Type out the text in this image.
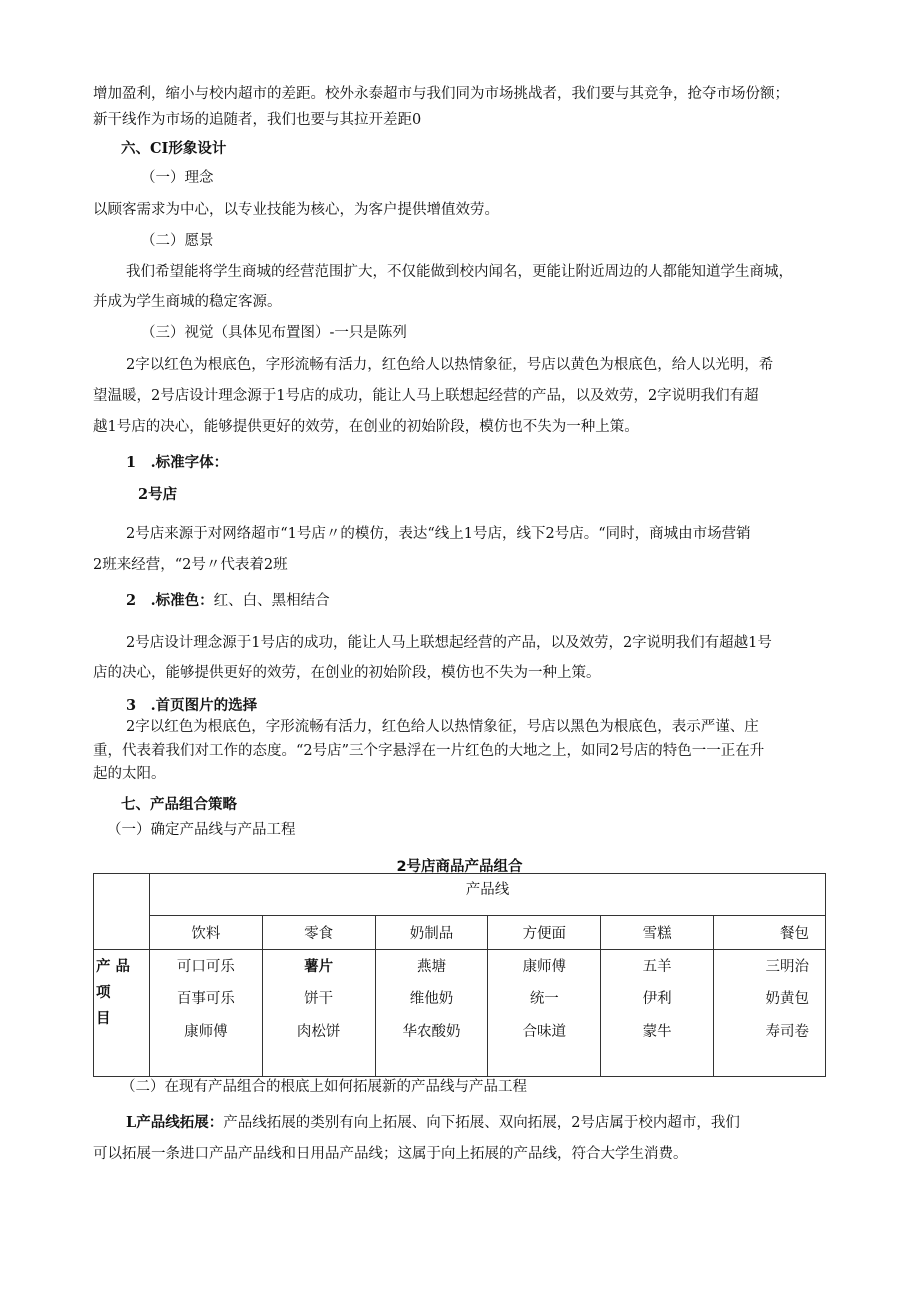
增加盈利，缩小与校内超市的差距。校外永泰超市与我们同为市场挑战者，我们要与其竞争，抢夺市场份额；
新干线作为市场的追随者，我们也要与其拉开差距0
六、CI形象设计
（一）理念
以顾客需求为中心，以专业技能为核心，为客户提供增值效劳。
（二）愿景
我们希望能将学生商城的经营范围扩大，不仅能做到校内闻名，更能让附近周边的人都能知道学生商城，
并成为学生商城的稳定客源。
（三）视觉（具体见布置图）-一只是陈列
2字以红色为根底色，字形流畅有活力，红色给人以热情象征，号店以黄色为根底色，给人以光明，希
望温暖，2号店设计理念源于1号店的成功，能让人马上联想起经营的产品，以及效劳，2字说明我们有超
越1号店的决心，能够提供更好的效劳，在创业的初始阶段，模仿也不失为一种上策。
1　.标准字体：
2号店
2号店来源于对网络超市“1号店〃的模仿，表达“线上1号店，线下2号店。“同时，商城由市场营销
2班来经营，“2号〃代表着2班
2　.标准色：红、白、黑相结合
2号店设计理念源于1号店的成功，能让人马上联想起经营的产品，以及效劳，2字说明我们有超越1号
店的决心，能够提供更好的效劳，在创业的初始阶段，模仿也不失为一种上策。
3　.首页图片的选择
2字以红色为根底色，字形流畅有活力，红色给人以热情象征，号店以黑色为根底色，表示严谨、庄
重，代表着我们对工作的态度。“2号店”三个字悬浮在一片红色的大地之上，如同2号店的特色一一正在升
起的太阳。
七、产品组合策略
（一）确定产品线与产品工程
2号店商品产品组合
	产品线					
	饮料	零食	奶制品	方便面	雪糕	餐包
产 品 项
目	可口可乐	薯片	燕塘	康师傅	五羊	三明治
	百事可乐	饼干	维他奶	统一	伊利	奶黄包
	康师傅	肉松饼	华农酸奶	合味道	蒙牛	寿司卷
（二）在现有产品组合的根底上如何拓展新的产品线与产品工程
L产品线拓展：产品线拓展的类别有向上拓展、向下拓展、双向拓展，2号店属于校内超市，我们
可以拓展一条进口产品产品线和日用品产品线；这属于向上拓展的产品线，符合大学生消费。
